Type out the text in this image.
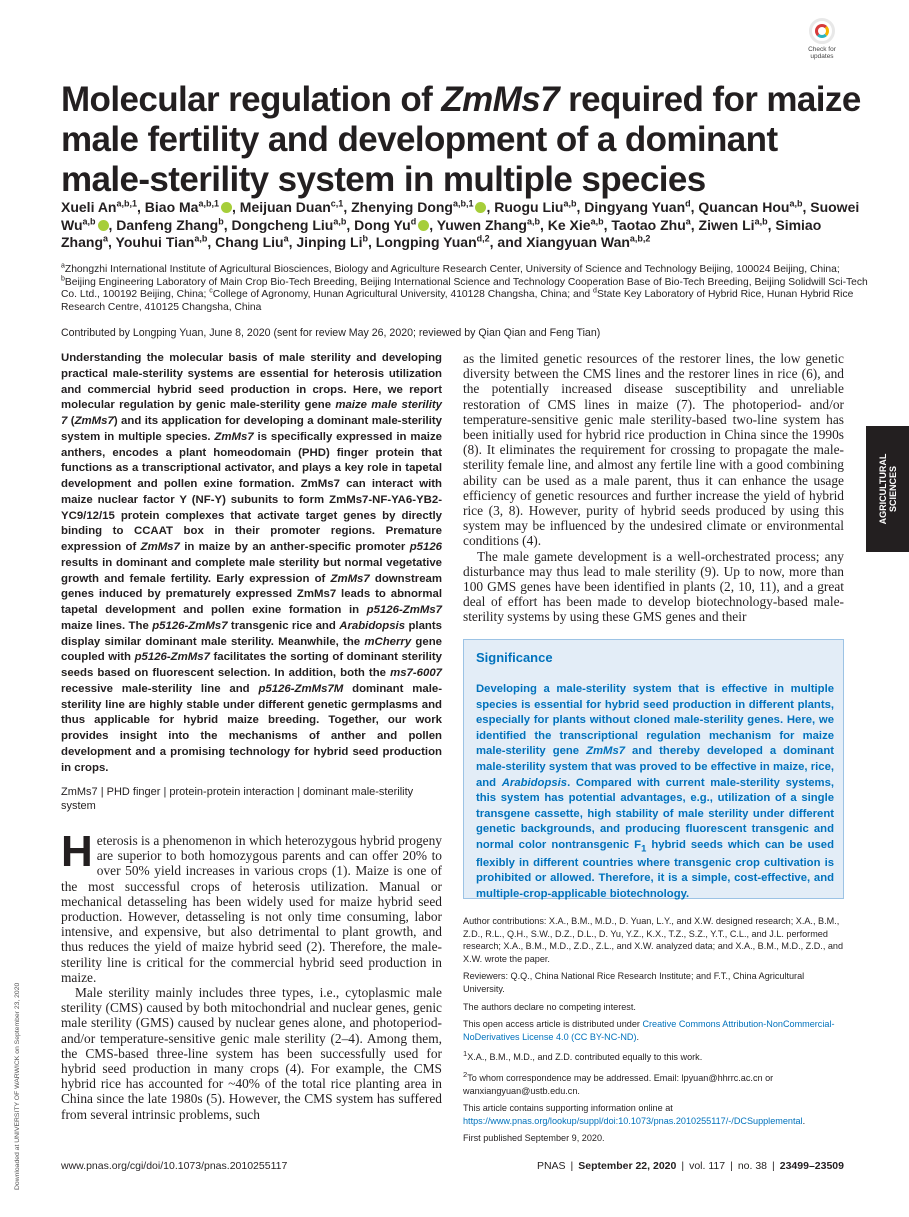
Check for
updates
Molecular regulation of ZmMs7 required for maize male fertility and development of a dominant male-sterility system in multiple species
Xueli An$^{a,b,1}$, Biao Ma$^{a,b,1}$ , Meijuan Duan$^{c,1}$, Zhenying Dong$^{a,b,1}$ , Ruogu Liu$^{a,b}$, Dingyang Yuan$^d$, Quancan Hou$^{a,b}$, Suowei Wu$^{a,b}$ , Danfeng Zhang$^b$, Dongcheng Liu$^{a,b}$, Dong Yu$^d$ , Yuwen Zhang$^{a,b}$, Ke Xie$^{a,b}$, Taotao Zhu$^a$, Ziwen Li$^{a,b}$, Simiao Zhang$^a$, Youhui Tian$^{a,b}$, Chang Liu$^a$, Jinping Li$^b$, Longping Yuan$^{d,2}$, and Xiangyuan Wan$^{a,b,2}$
$^a$Zhongzhi International Institute of Agricultural Biosciences, Biology and Agriculture Research Center, University of Science and Technology Beijing, 100024 Beijing, China; $^b$Beijing Engineering Laboratory of Main Crop Bio-Tech Breeding, Beijing International Science and Technology Cooperation Base of Bio-Tech Breeding, Beijing Solidwill Sci-Tech Co. Ltd., 100192 Beijing, China; $^c$College of Agronomy, Hunan Agricultural University, 410128 Changsha, China; and $^d$State Key Laboratory of Hybrid Rice, Hunan Hybrid Rice Research Centre, 410125 Changsha, China
Contributed by Longping Yuan, June 8, 2020 (sent for review May 26, 2020; reviewed by Qian Qian and Feng Tian)
Understanding the molecular basis of male sterility and developing practical male-sterility systems are essential for heterosis utilization and commercial hybrid seed production in crops. Here, we report molecular regulation by genic male-sterility gene maize male sterility 7 (ZmMs7) and its application for developing a dominant male-sterility system in multiple species. ZmMs7 is specifically expressed in maize anthers, encodes a plant homeodomain (PHD) finger protein that functions as a transcriptional activator, and plays a key role in tapetal development and pollen exine formation. ZmMs7 can interact with maize nuclear factor Y (NF-Y) subunits to form ZmMs7-NF-YA6-YB2-YC9/12/15 protein complexes that activate target genes by directly binding to CCAAT box in their promoter regions. Premature expression of ZmMs7 in maize by an anther-specific promoter p5126 results in dominant and complete male sterility but normal vegetative growth and female fertility. Early expression of ZmMs7 downstream genes induced by prematurely expressed ZmMs7 leads to abnormal tapetal development and pollen exine formation in p5126-ZmMs7 maize lines. The p5126-ZmMs7 transgenic rice and Arabidopsis plants display similar dominant male sterility. Meanwhile, the mCherry gene coupled with p5126-ZmMs7 facilitates the sorting of dominant sterility seeds based on fluorescent selection. In addition, both the ms7-6007 recessive male-sterility line and p5126-ZmMs7M dominant male-sterility line are highly stable under different genetic germplasms and thus applicable for hybrid maize breeding. Together, our work provides insight into the mechanisms of anther and pollen development and a promising technology for hybrid seed production in crops.
ZmMs7 | PHD finger | protein-protein interaction | dominant male-sterility system

Heterosis is a phenomenon in which heterozygous hybrid progeny are superior to both homozygous parents and can offer 20% to over 50% yield increases in various crops (1). Maize is one of the most successful crops of heterosis utilization. Manual or mechanical detasseling has been widely used for maize hybrid seed production. However, detasseling is not only time consuming, labor intensive, and expensive, but also detrimental to plant growth, and thus reduces the yield of maize hybrid seed (2). Therefore, the male-sterility line is critical for the commercial hybrid seed production in maize.

Male sterility mainly includes three types, i.e., cytoplasmic male sterility (CMS) caused by both mitochondrial and nuclear genes, genic male sterility (GMS) caused by nuclear genes alone, and photoperiod- and/or temperature-sensitive genic male sterility (2–4). Among them, the CMS-based three-line system has been successfully used for hybrid seed production in many crops (4). For example, the CMS hybrid rice has accounted for ~40% of the total rice planting area in China since the late 1980s (5). However, the CMS system has suffered from several intrinsic problems, such

as the limited genetic resources of the restorer lines, the low genetic diversity between the CMS lines and the restorer lines in rice (6), and the potentially increased disease susceptibility and unreliable restoration of CMS lines in maize (7). The photoperiod- and/or temperature-sensitive genic male sterility-based two-line system has been initially used for hybrid rice production in China since the 1990s (8). It eliminates the requirement for crossing to propagate the male-sterility female line, and almost any fertile line with a good combining ability can be used as a male parent, thus it can enhance the usage efficiency of genetic resources and further increase the yield of hybrid rice (3, 8). However, purity of hybrid seeds produced by using this system may be influenced by the undesired climate or environmental conditions (4).

The male gamete development is a well-orchestrated process; any disturbance may thus lead to male sterility (9). Up to now, more than 100 GMS genes have been identified in plants (2, 10, 11), and a great deal of effort has been made to develop biotechnology-based male-sterility systems by using these GMS genes and their

Significance
Developing a male-sterility system that is effective in multiple species is essential for hybrid seed production in different plants, especially for plants without cloned male-sterility genes. Here, we identified the transcriptional regulation mechanism for maize male-sterility gene ZmMs7 and thereby developed a dominant male-sterility system that was proved to be effective in maize, rice, and Arabidopsis. Compared with current male-sterility systems, this system has potential advantages, e.g., utilization of a single transgene cassette, high stability of male sterility under different genetic backgrounds, and producing fluorescent transgenic and normal color nontransgenic $F_1$ hybrid seeds which can be used flexibly in different countries where transgenic crop cultivation is prohibited or allowed. Therefore, it is a simple, cost-effective, and multiple-crop-applicable biotechnology.

Author contributions: X.A., B.M., M.D., D. Yuan, L.Y., and X.W. designed research; X.A., B.M., Z.D., R.L., Q.H., S.W., D.Z., D.L., D. Yu, Y.Z., K.X., T.Z., S.Z., Y.T., C.L., and J.L. performed research; X.A., B.M., M.D., Z.D., Z.L., and X.W. analyzed data; and X.A., B.M., M.D., Z.D., and X.W. wrote the paper.

Reviewers: Q.Q., China National Rice Research Institute; and F.T., China Agricultural University.

The authors declare no competing interest.

This open access article is distributed under Creative Commons Attribution-NonCommercial-NoDerivatives License 4.0 (CC BY-NC-ND).

$^1$X.A., B.M., M.D., and Z.D. contributed equally to this work.

$^2$To whom correspondence may be addressed. Email: lpyuan@hhrrc.ac.cn or wanxiangyuan@ustb.edu.cn.

This article contains supporting information online at https://www.pnas.org/lookup/suppl/doi:10.1073/pnas.2010255117/-/DCSupplemental.

First published September 9, 2020.

AGRICULTURAL SCIENCES
Downloaded at UNIVERSITY OF WARWICK on September 23, 2020	www.pnas.org/cgi/doi/10.1073/pnas.2010255117	PNAS | September 22, 2020 | vol. 117 | no. 38 | 23499–23509
